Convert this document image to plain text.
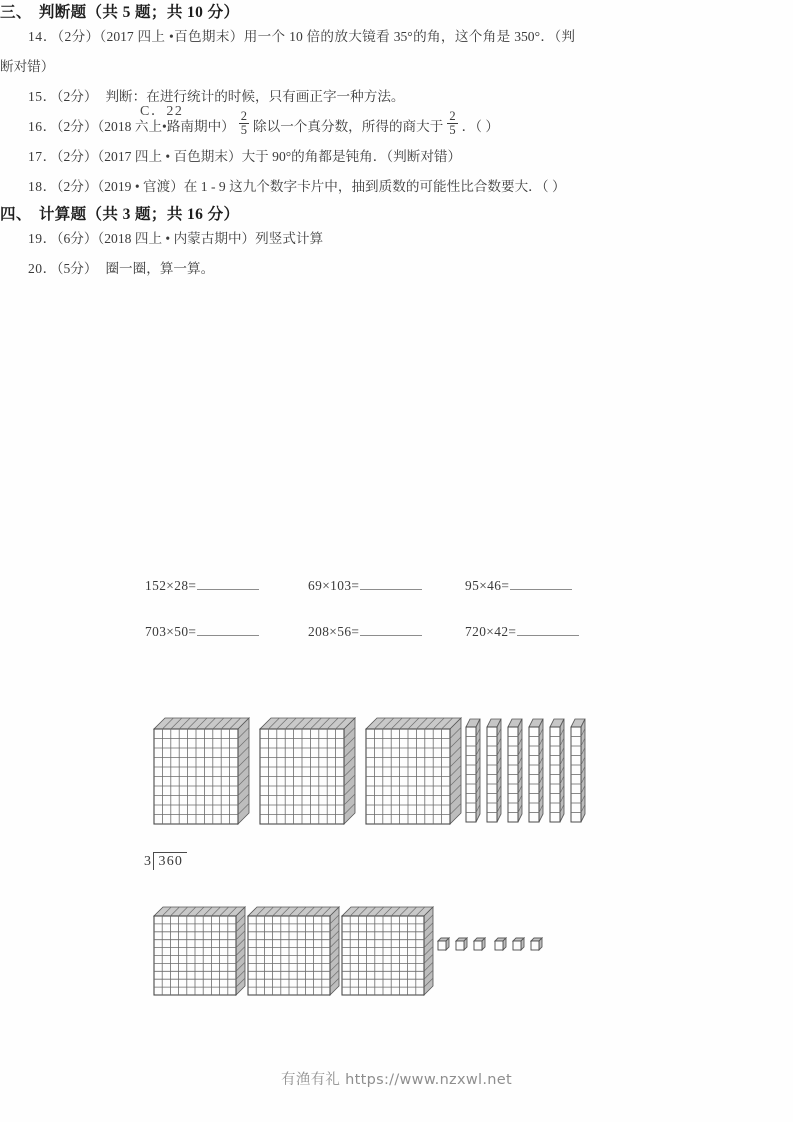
C．22
三、 判断题（共 5 题；共 10 分）
14．（2分）（2017 四上 •百色期末）用一个 10 倍的放大镜看 35°的角，这个角是 350°．（判断对错）
15．（2分） 判断：在进行统计的时候，只有画正字一种方法。
16．（2分）（2018 六上•路南期中） $\frac{2}{5}$ 除以一个真分数，所得的商大于 $\frac{2}{5}$ ．（ ）
17．（2分）（2017 四上 • 百色期末）大于 90°的角都是钝角．（判断对错）
18．（2分）（2019 • 官渡）在 1 - 9 这九个数字卡片中，抽到质数的可能性比合数要大．（ ）
四、 计算题（共 3 题；共 16 分）
19．（6分）（2018 四上 • 内蒙古期中）列竖式计算
152×28=	69×103=	95×46=
703×50=	208×56=	720×42=
20．（5分） 圈一圈，算一算。
3 360
有渔有礼 https://www.nzxwl.net
